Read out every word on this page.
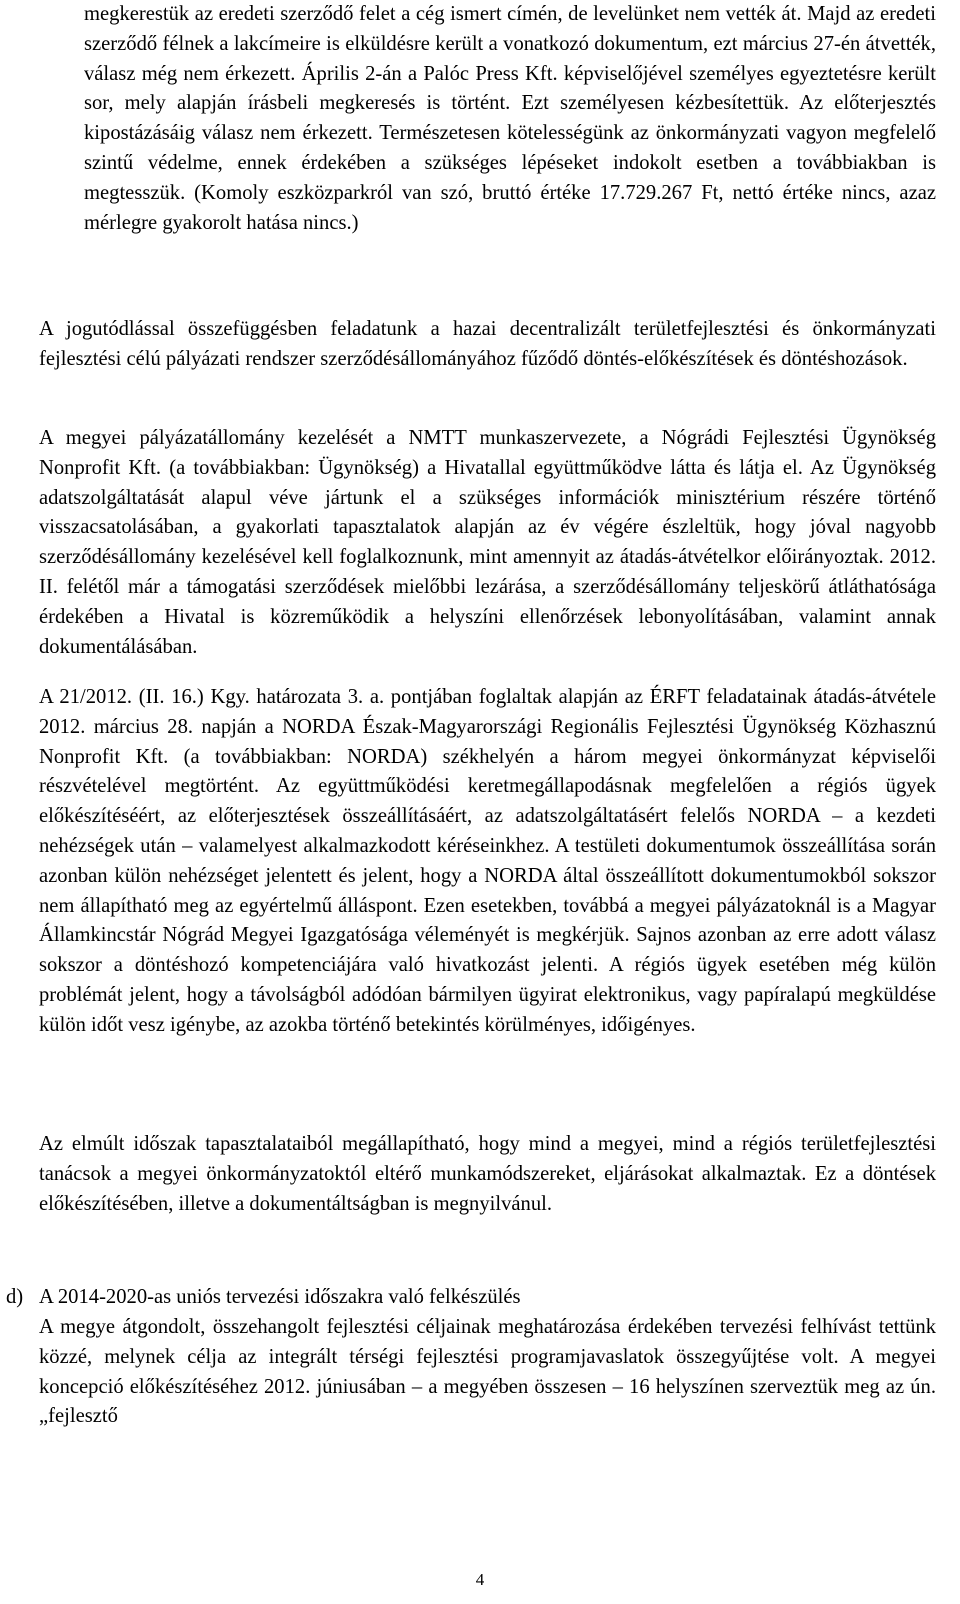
megkerestük az eredeti szerződő felet a cég ismert címén, de levelünket nem vették át. Majd az eredeti szerződő félnek a lakcímeire is elküldésre került a vonatkozó dokumentum, ezt március 27-én átvették, válasz még nem érkezett. Április 2-án a Palóc Press Kft. képviselőjével személyes egyeztetésre került sor, mely alapján írásbeli megkeresés is történt. Ezt személyesen kézbesítettük. Az előterjesztés kipostázásáig válasz nem érkezett. Természetesen kötelességünk az önkormányzati vagyon megfelelő szintű védelme, ennek érdekében a szükséges lépéseket indokolt esetben a továbbiakban is megtesszük. (Komoly eszközparkról van szó, bruttó értéke 17.729.267 Ft, nettó értéke nincs, azaz mérlegre gyakorolt hatása nincs.)

A jogutódlással összefüggésben feladatunk a hazai decentralizált területfejlesztési és önkormányzati fejlesztési célú pályázati rendszer szerződésállományához fűződő döntés-előkészítések és döntéshozások.

A megyei pályázatállomány kezelését a NMTT munkaszervezete, a Nógrádi Fejlesztési Ügynökség Nonprofit Kft. (a továbbiakban: Ügynökség) a Hivatallal együttműködve látta és látja el. Az Ügynökség adatszolgáltatását alapul véve jártunk el a szükséges információk minisztérium részére történő visszacsatolásában, a gyakorlati tapasztalatok alapján az év végére észleltük, hogy jóval nagyobb szerződésállomány kezelésével kell foglalkoznunk, mint amennyit az átadás-átvételkor előirányoztak. 2012. II. felétől már a támogatási szerződések mielőbbi lezárása, a szerződésállomány teljeskörű átláthatósága érdekében a Hivatal is közreműködik a helyszíni ellenőrzések lebonyolításában, valamint annak dokumentálásában.

A 21/2012. (II. 16.) Kgy. határozata 3. a. pontjában foglaltak alapján az ÉRFT feladatainak átadás-átvétele 2012. március 28. napján a NORDA Észak-Magyarországi Regionális Fejlesztési Ügynökség Közhasznú Nonprofit Kft. (a továbbiakban: NORDA) székhelyén a három megyei önkormányzat képviselői részvételével megtörtént. Az együttműködési keretmegállapodásnak megfelelően a régiós ügyek előkészítéséért, az előterjesztések összeállításáért, az adatszolgáltatásért felelős NORDA – a kezdeti nehézségek után – valamelyest alkalmazkodott kéréseinkhez. A testületi dokumentumok összeállítása során azonban külön nehézséget jelentett és jelent, hogy a NORDA által összeállított dokumentumokból sokszor nem állapítható meg az egyértelmű álláspont. Ezen esetekben, továbbá a megyei pályázatoknál is a Magyar Államkincstár Nógrád Megyei Igazgatósága véleményét is megkérjük. Sajnos azonban az erre adott válasz sokszor a döntéshozó kompetenciájára való hivatkozást jelenti. A régiós ügyek esetében még külön problémát jelent, hogy a távolságból adódóan bármilyen ügyirat elektronikus, vagy papíralapú megküldése külön időt vesz igénybe, az azokba történő betekintés körülményes, időigényes.

Az elmúlt időszak tapasztalataiból megállapítható, hogy mind a megyei, mind a régiós területfejlesztési tanácsok a megyei önkormányzatoktól eltérő munkamódszereket, eljárásokat alkalmaztak. Ez a döntések előkészítésében, illetve a dokumentáltságban is megnyilvánul.

d) A 2014-2020-as uniós tervezési időszakra való felkészülés

A megye átgondolt, összehangolt fejlesztési céljainak meghatározása érdekében tervezési felhívást tettünk közzé, melynek célja az integrált térségi fejlesztési programjavaslatok összegyűjtése volt. A megyei koncepció előkészítéséhez 2012. júniusában – a megyében összesen – 16 helyszínen szerveztük meg az ún. „fejlesztő

4
